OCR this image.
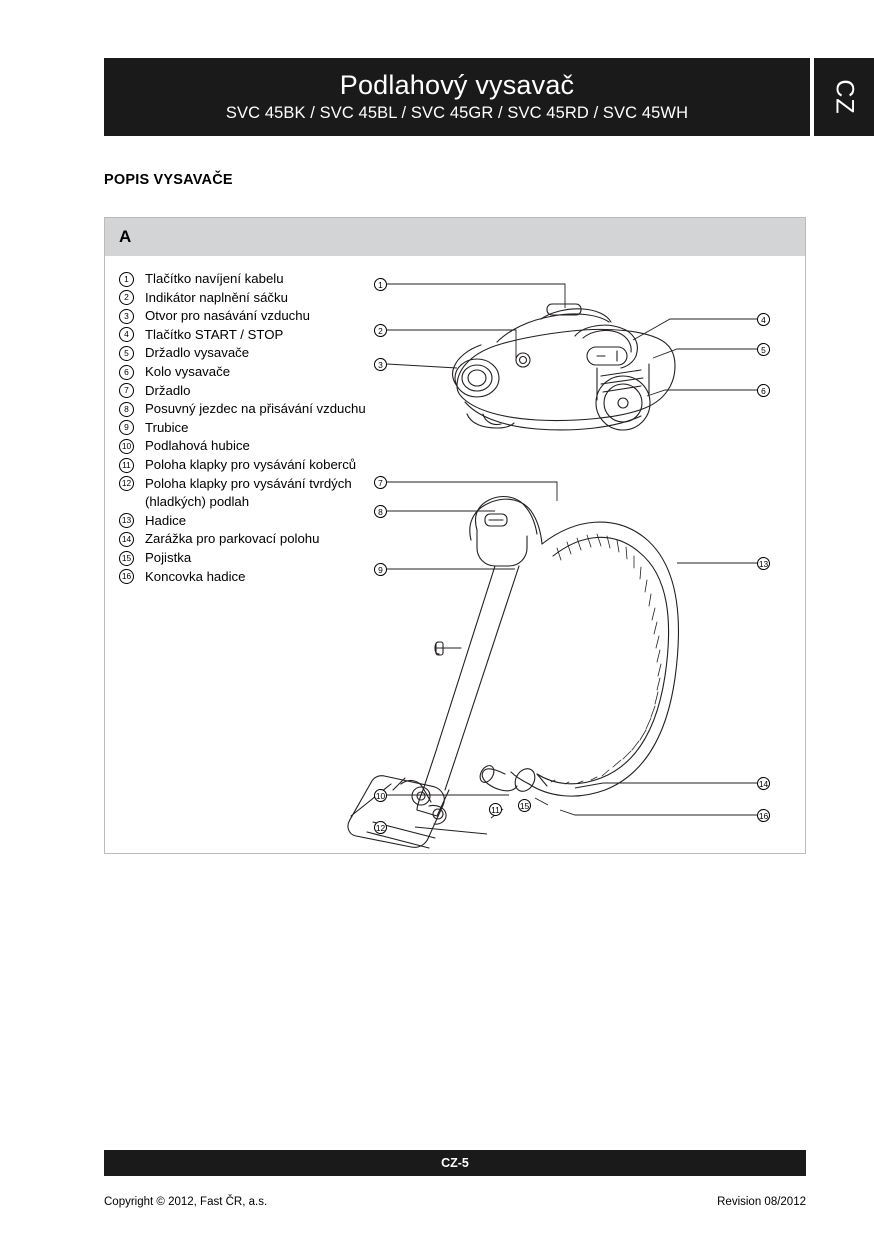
Podlahový vysavač
SVC 45BK / SVC 45BL / SVC 45GR / SVC 45RD / SVC 45WH	CZ
POPIS VYSAVAČE
A
1	Tlačítko navíjení kabelu
2	Indikátor naplnění sáčku
3	Otvor pro nasávání vzduchu
4	Tlačítko START / STOP
5	Držadlo vysavače
6	Kolo vysavače
7	Držadlo
8	Posuvný jezdec na přisávání vzduchu
9	Trubice
10	Podlahová hubice
11	Poloha klapky pro vysávání koberců
12	Poloha klapky pro vysávání tvrdých (hladkých) podlah
13	Hadice
14	Zarážka pro parkovací polohu
15	Pojistka
16	Koncovka hadice
1
2
3
4
5
6
7
8
9
10
11
12
13
14
15
16
CZ-5
Copyright © 2012, Fast ČR, a.s.	Revision 08/2012
